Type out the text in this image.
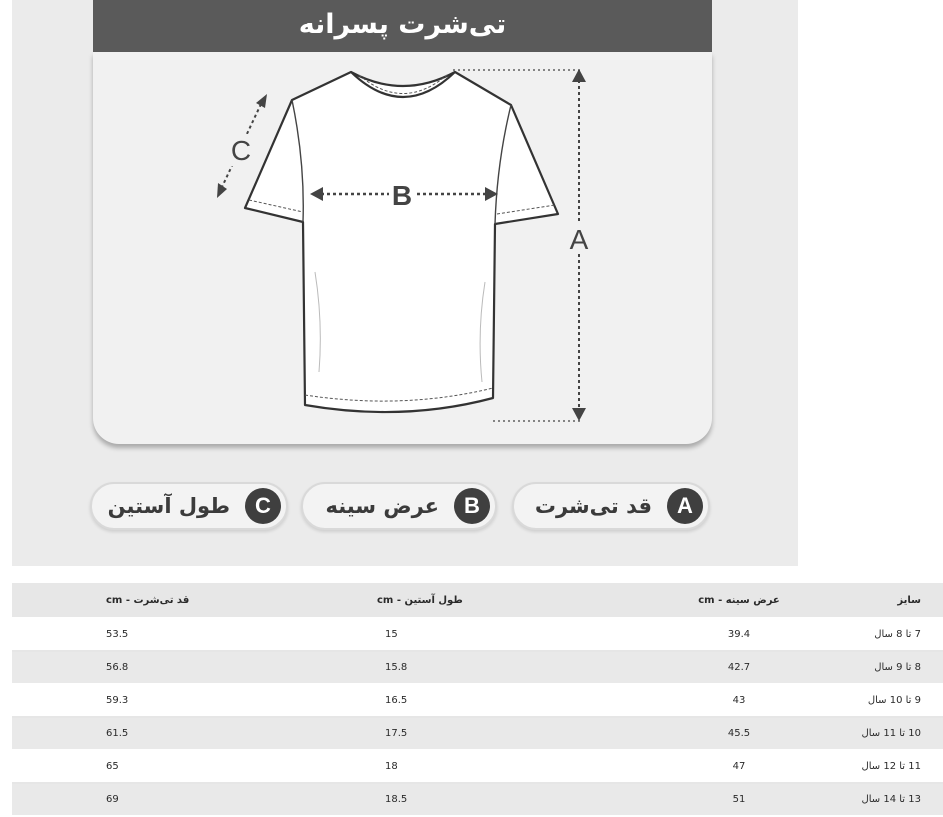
تی‌شرت پسرانه
A
B
C
A
قد تی‌شرت
B
عرض سینه
C
طول آستین
سایز	عرض سینه - cm	طول آستین - cm	قد تی‌شرت - cm
7 تا 8 سال	39.4	15	53.5
8 تا 9 سال	42.7	15.8	56.8
9 تا 10 سال	43	16.5	59.3
10 تا 11 سال	45.5	17.5	61.5
11 تا 12 سال	47	18	65
13 تا 14 سال	51	18.5	69
